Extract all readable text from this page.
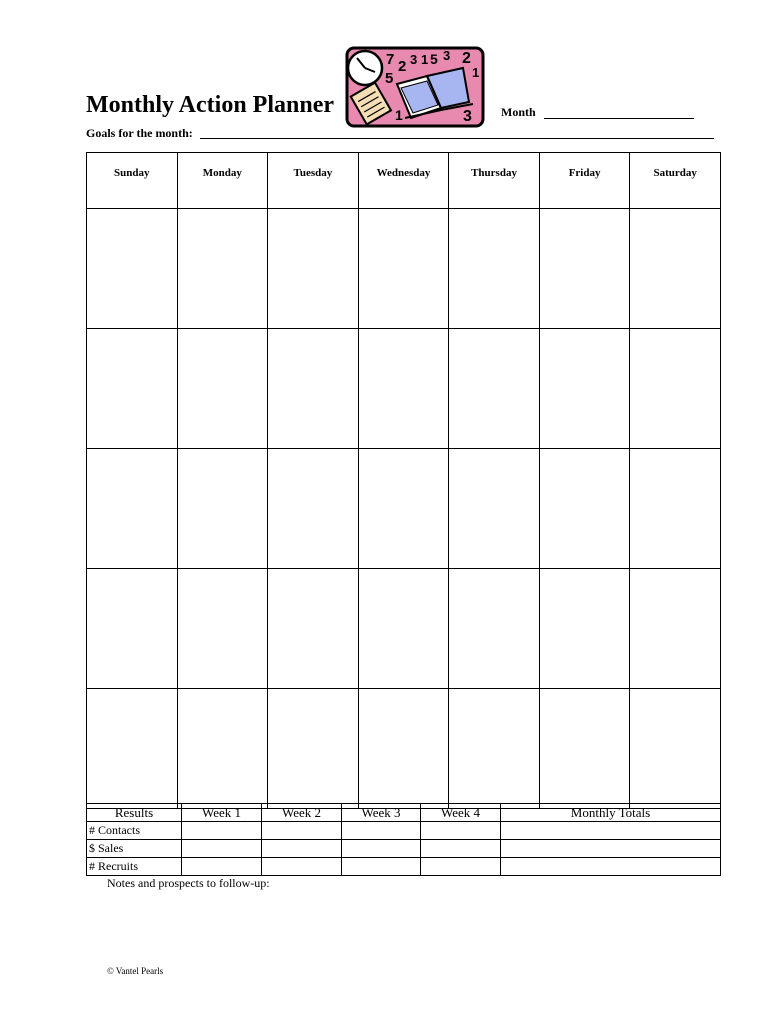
Monthly Action Planner
7 2 3 1 5 3 2
1
5
1	3 Month
Goals for the month:
Sunday	Monday	Tuesday	Wednesday	Thursday	Friday	Saturday

Results	Week 1	Week 2	Week 3	Week 4	Monthly Totals
# Contacts					
$ Sales					
# Recruits					
Notes and prospects to follow-up:
© Vantel Pearls
